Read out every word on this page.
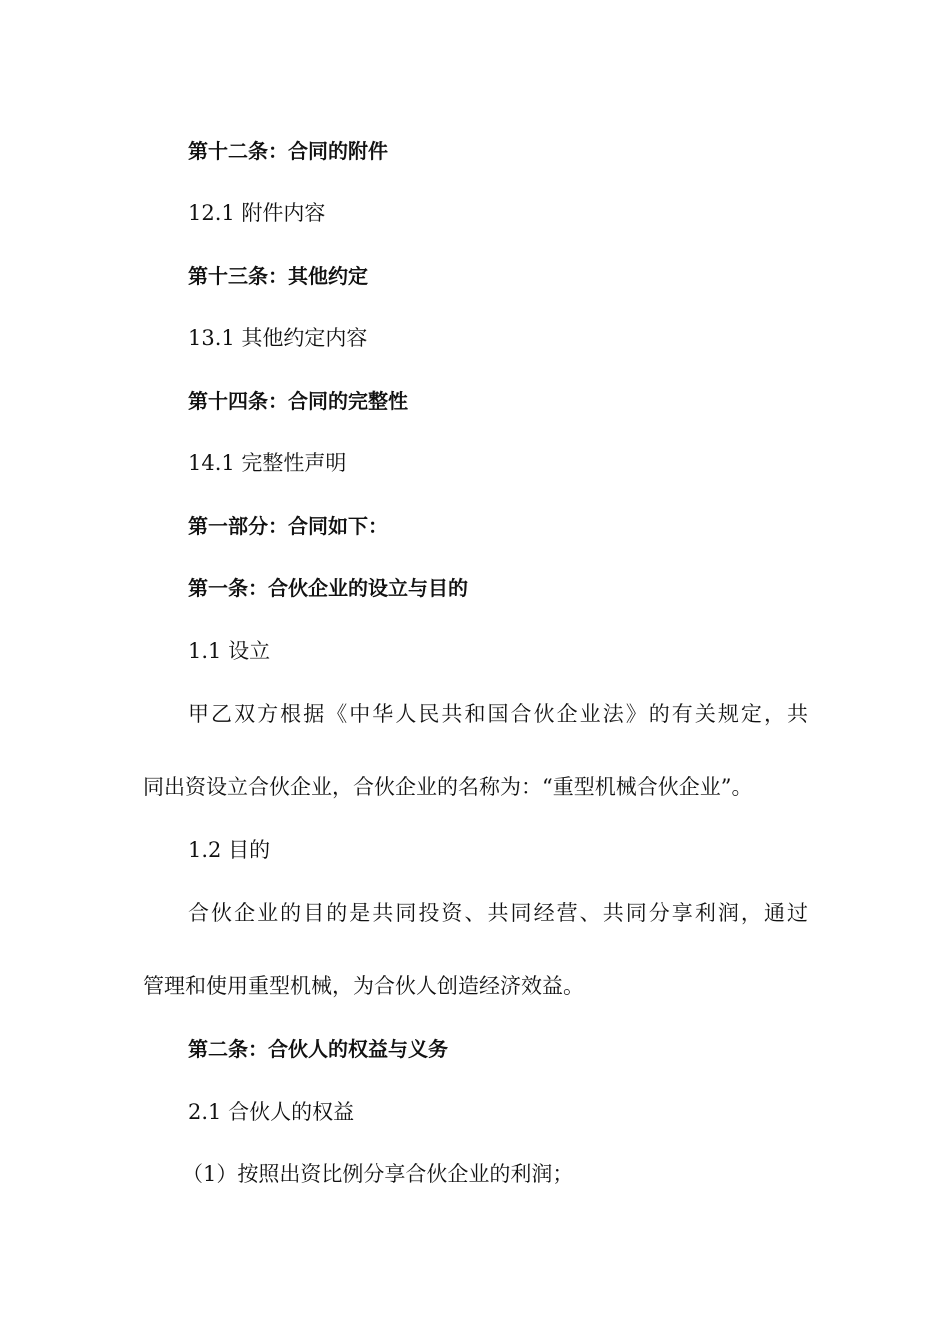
第十二条：合同的附件

12.1 附件内容

第十三条：其他约定

13.1 其他约定内容

第十四条：合同的完整性

14.1 完整性声明

第一部分：合同如下：

第一条：合伙企业的设立与目的

1.1 设立

甲乙双方根据《中华人民共和国合伙企业法》的有关规定，共

同出资设立合伙企业，合伙企业的名称为：“重型机械合伙企业”。

1.2 目的

合伙企业的目的是共同投资、共同经营、共同分享利润，通过

管理和使用重型机械，为合伙人创造经济效益。

第二条：合伙人的权益与义务

2.1 合伙人的权益

（1）按照出资比例分享合伙企业的利润；
